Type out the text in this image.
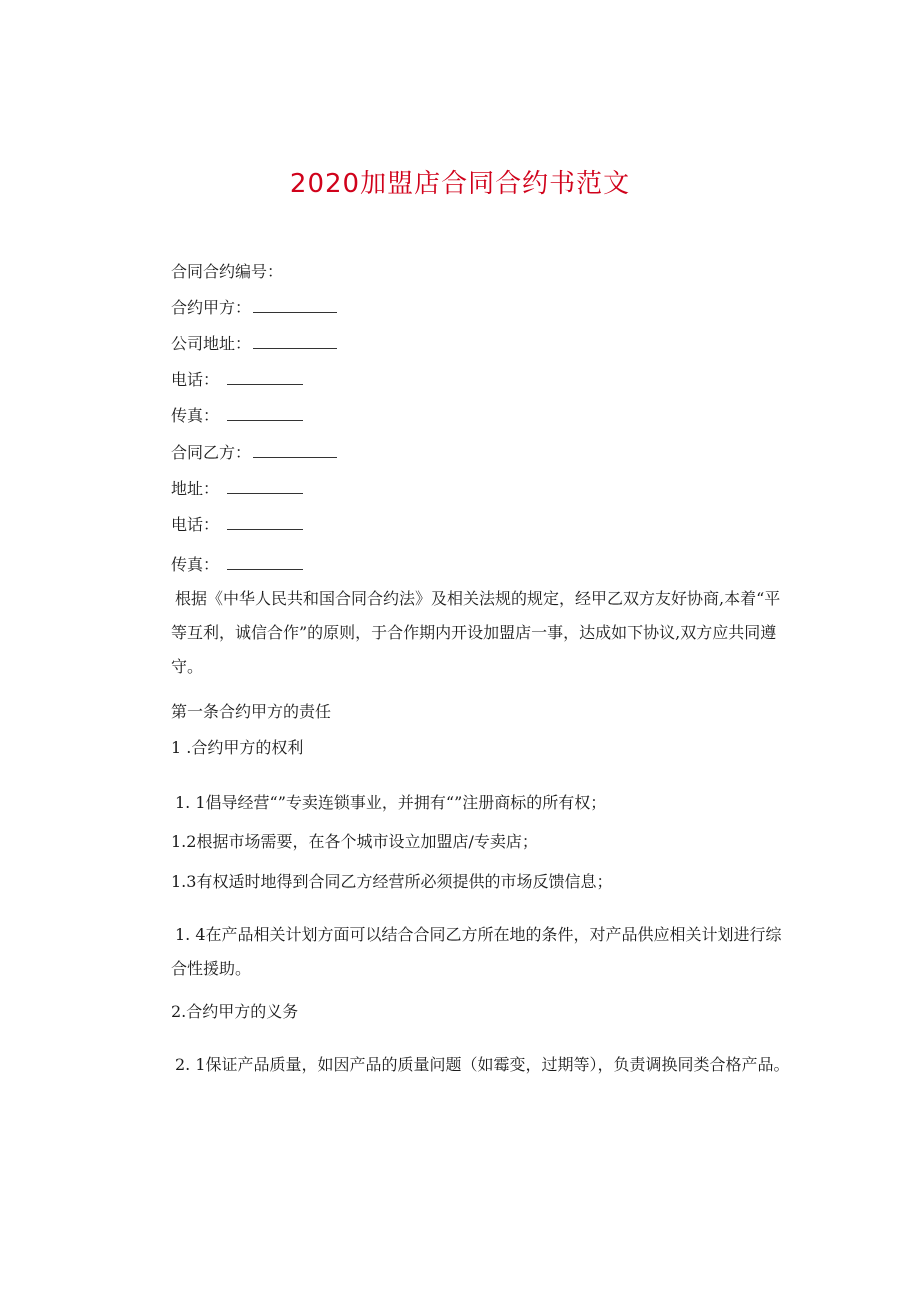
2020加盟店合同合约书范文
合同合约编号：
合约甲方：
公司地址：
电话：
传真：
合同乙方：
地址：
电话：
传真：
根据《中华人民共和国合同合约法》及相关法规的规定，经甲乙双方友好协商,本着“平等互利，诚信合作”的原则，于合作期内开设加盟店一事，达成如下协议,双方应共同遵守。
第一条合约甲方的责任
1 .合约甲方的权利
1. 1倡导经营“”专卖连锁事业，并拥有“”注册商标的所有权；
1.2根据市场需要，在各个城市设立加盟店/专卖店；
1.3有权适时地得到合同乙方经营所必须提供的市场反馈信息；
1. 4在产品相关计划方面可以结合合同乙方所在地的条件，对产品供应相关计划进行综合性援助。
2.合约甲方的义务
2. 1保证产品质量，如因产品的质量问题（如霉变，过期等），负责调换同类合格产品。
